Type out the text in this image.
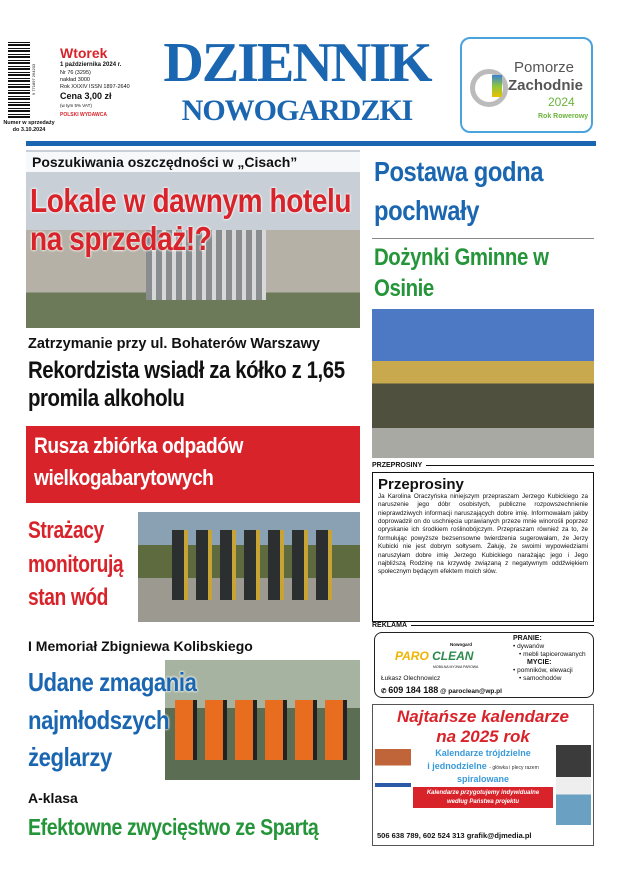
9 771897 264203
Numer w sprzedaży do 3.10.2024
Wtorek
1 października 2024 r.
Nr 76 (3295)
nakład 3000
Rok XXXIV ISSN 1897-2640
Cena 3,00 zł
(w tym 5% VAT)
POLSKI WYDAWCA
DZIENNIK
NOWOGARDZKI
Pomorze
Zachodnie
2024
Rok Rowerowy
Poszukiwania oszczędności w „Cisach”
Lokale w dawnym hotelu na sprzedaż!?
Zatrzymanie przy ul. Bohaterów Warszawy
Rekordzista wsiadł za kółko z 1,65 promila alkoholu
Rusza zbiórka odpadów wielkogabarytowych
Strażacy monitorują stan wód
I Memoriał Zbigniewa Kolibskiego
Udane zmagania najmłodszych żeglarzy
A-klasa
Efektowne zwycięstwo ze Spartą
Postawa godna pochwały
Dożynki Gminne w Osinie
PRZEPROSINY
Przeprosiny
Ja Karolina Oraczyńska niniejszym przepraszam Jerzego Kubickiego za naruszenie jego dóbr osobistych, publiczne rozpowszechnienie nieprawdziwych informacji naruszających dobre imię. Informowałam jakby doprowadził on do uschnięcia uprawianych przeze mnie winorośli poprzez opryskanie ich środkiem roślinobójczym. Przepraszam również za to, że formułując powyższe bezsensowne twierdzenia sugerowałam, że Jerzy Kubicki nie jest dobrym sołtysem. Żałuję, że swoimi wypowiedziami naruszyłam dobre imię Jerzego Kubickiego narażając jego i Jego najbliższą Rodzinę na krzywdę związaną z negatywnym oddźwiękiem społecznym będącym efektem moich słów.
REKLAMA
Nowogard
PARO CLEAN
MOBILNA MYJNIA PAROWA
Łukasz Olechnowicz
✆ 609 184 188 @ paroclean@wp.pl
PRANIE:
• dywanów
• mebli tapicerowanych
MYCIE:
• pomników, elewacji
• samochodów
Najtańsze kalendarze
na 2025 rok
Kalendarze trójdzielne
i jednodzielne - główka i plecy razem
spiralowane
Kalendarze przygotujemy indywidualne
według Państwa projektu
506 638 789, 602 524 313 grafik@djmedia.pl
